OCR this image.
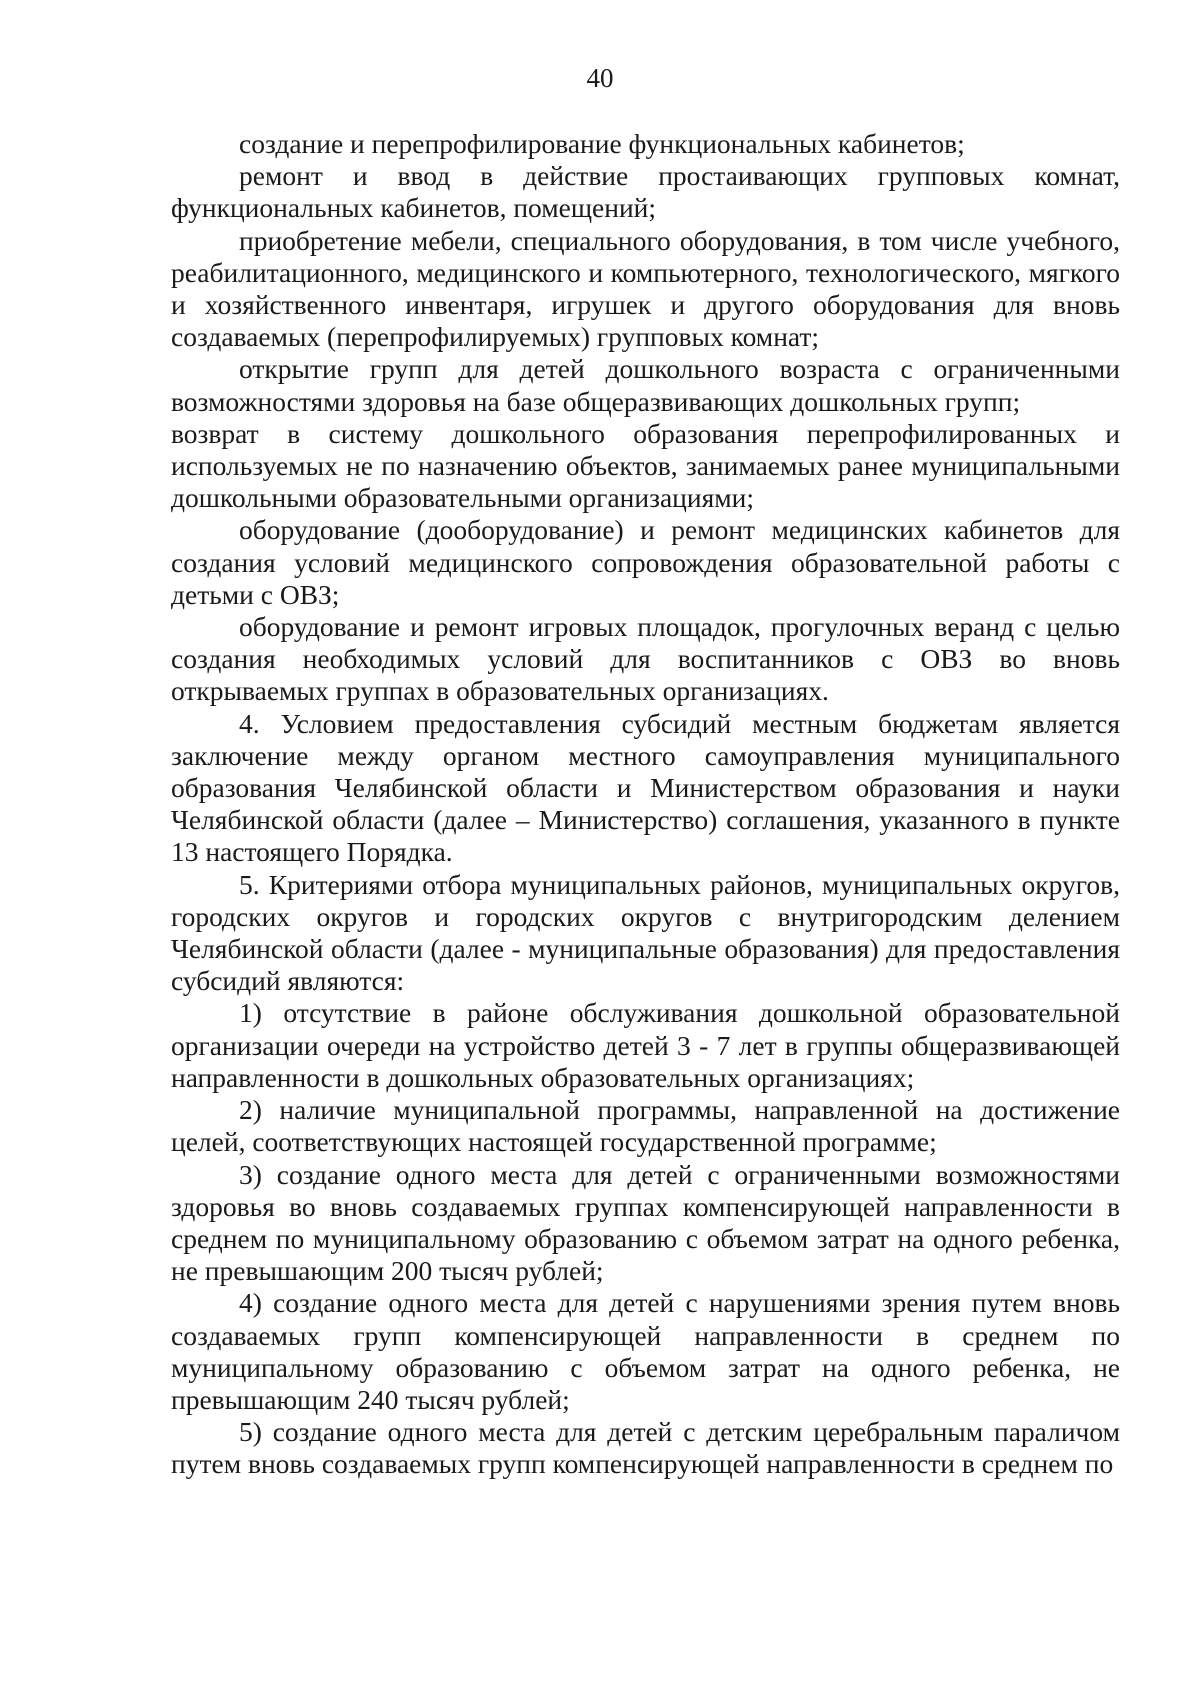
40

создание и перепрофилирование функциональных кабинетов;

ремонт и ввод в действие простаивающих групповых комнат, функциональных кабинетов, помещений;

приобретение мебели, специального оборудования, в том числе учебного, реабилитационного, медицинского и компьютерного, технологического, мягкого и хозяйственного инвентаря, игрушек и другого оборудования для вновь создаваемых (перепрофилируемых) групповых комнат;

открытие групп для детей дошкольного возраста с ограниченными возможностями здоровья на базе общеразвивающих дошкольных групп;

возврат в систему дошкольного образования перепрофилированных и используемых не по назначению объектов, занимаемых ранее муниципальными дошкольными образовательными организациями;

оборудование (дооборудование) и ремонт медицинских кабинетов для создания условий медицинского сопровождения образовательной работы с детьми с ОВЗ;

оборудование и ремонт игровых площадок, прогулочных веранд с целью создания необходимых условий для воспитанников с ОВЗ во вновь открываемых группах в образовательных организациях.

4. Условием предоставления субсидий местным бюджетам является заключение между органом местного самоуправления муниципального образования Челябинской области и Министерством образования и науки Челябинской области (далее – Министерство) соглашения, указанного в пункте 13 настоящего Порядка.

5. Критериями отбора муниципальных районов, муниципальных округов, городских округов и городских округов с внутригородским делением Челябинской области (далее - муниципальные образования) для предоставления субсидий являются:

1) отсутствие в районе обслуживания дошкольной образовательной организации очереди на устройство детей 3 - 7 лет в группы общеразвивающей направленности в дошкольных образовательных организациях;

2) наличие муниципальной программы, направленной на достижение целей, соответствующих настоящей государственной программе;

3) создание одного места для детей с ограниченными возможностями здоровья во вновь создаваемых группах компенсирующей направленности в среднем по муниципальному образованию с объемом затрат на одного ребенка, не превышающим 200 тысяч рублей;

4) создание одного места для детей с нарушениями зрения путем вновь создаваемых групп компенсирующей направленности в среднем по муниципальному образованию с объемом затрат на одного ребенка, не превышающим 240 тысяч рублей;

5) создание одного места для детей с детским церебральным параличом путем вновь создаваемых групп компенсирующей направленности в среднем по
